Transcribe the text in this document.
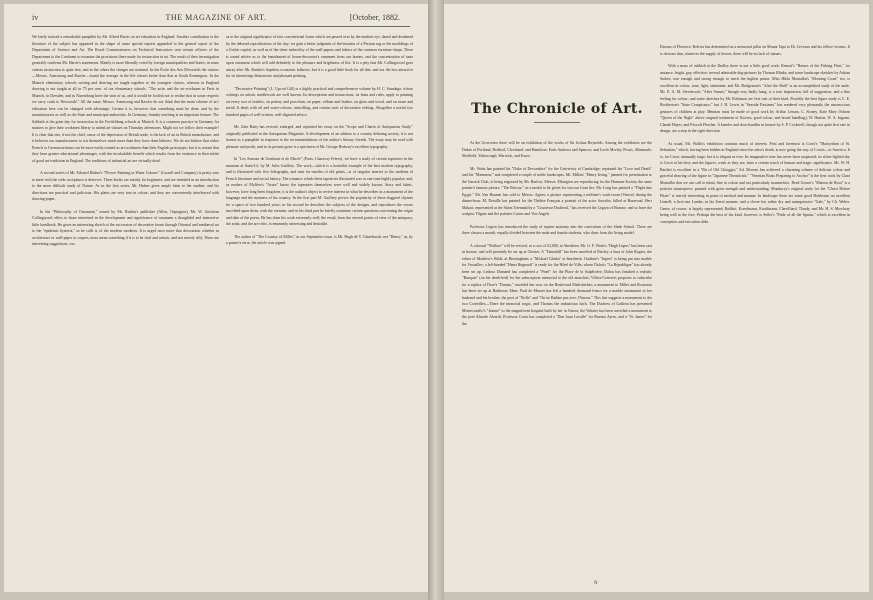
iv	THE MAGAZINE OF ART.	[October, 1882.

We lately noticed a remarkable pamphlet by Mr. Alfred Harris on art-education in England. Another contribution to the literature of the subject has appeared in the shape of some special reports appended to the general report of the Department of Science and Art. The Royal Commissioners on Technical Instruction sent certain officers of the Department to the Continent to examine the provisions there made for instruction in art. The result of their investigation generally confirms Mr. Harris's statements. Mainly is more liberally voted by foreign municipalities and States; in some centres instruction is quite free, and in the others the charges are nominal. In the École des Arts Décoratifs the visitors—Messrs. Armstrong and Rawler—found the average in the life classes better than that at South Kensington. In the Munich elementary schools writing and drawing are taught together to the youngest classes, whereas in England drawing is not taught at all in 75 per cent. of our elementary schools. "The artist and the art-workman in Paris in Munich, in Dresden, and in Nuremburg have the start of us, and it would be foolish not to realise that in some respects we carry coals to Newcastle." All the same, Messrs. Armstrong and Rawler do not think that the main scheme of art-education here can be changed with advantage. Certain it is, however, that something must be done, and by the manufacturers as well as the State and municipal authorities. In Germany, Sunday teaching is an important feature. The Sabbath is the great day for instruction in the Fortbildung schools at Munich. It is a common practice in Germany for masters to give their workmen liberty to attend art-classes on Thursday afternoons. Might not we follow their example? It is clear that one, if not the chief, cause of the depression of British trade, is the lack of art in British manufacture; and it behoves our manufacturers to stir themselves much more than they have done hitherto. We do not believe that either French or German artisans can be more easily trained as art-workmen than their English prototypes; but it is certain that they have greater educational advantages, with the incalculable benefit which results from the existence in their midst of good art-traditions in England. The traditions of industrial art are virtually dead.

A second series of Mr. Edward Hulme's "Flower Painting in Water Colours" (Cassell and Company) is pretty sure to meet with the wide acceptance it deserves. These books are mainly for beginners, and are intended as an introduction to the more difficult study of Nature. As in the first series, Mr. Hulme gives ample hints to the student; and his directions are practical and judicious. His plates are very true in colour; and they are conveniently interleaved with drawing-paper.

In the "Philosophy of Ornament," issued by Mr. Ruskin's publisher (Allen, Orpington), Mr. W. Gershom Collingwood offers to those interested in the development and significance of ornament a thoughtful and instructive little handbook. He gives an interesting sketch of the succession of decorative forms through Oriental and mediæval art to the "epidemic hysteria," as he calls it, of the modern moderns. It is urged once more that decoration, whether in architecture or wall-paper or carpets, must mean something if it is to be vital and artistic, and not merely silly. There are interesting suggestions, too,

as to the original significance of trite conventional forms which are passed over by the modern eye, dazed and deadened by the debased reproductions of the day; we gain a better judgment of the beauties of a Persian rug or the mouldings of a Gothic capital, as well as of the sheer imbecility of the wall-papers and fabrics of the common furniture-shops. There is sound advice as to the banishment of house-decorator's ornament from our homes, and the concentration of taste upon ornament which will add definitely to the pleasure and brightness of life. It is a pity that Mr. Collingwood goes astray after Mr. Ruskin's hopeless economic fallacies; but it is a good little book for all that, and not the less attractive for its interesting illustrations and pleasant printing.

"Decorative Painting" (L. Upcott Gill) is a highly practical and comprehensive volume by H. C. Standage, whose writings on artistic needlework are well known. Its descriptions and instructions, its hints and rules, apply to painting on every sort of textiles, on pottery and porcelain, on paper, vellum and leather, on glass and wood, and on stone and metal. It deals with oil and water-colours, stencilling, and certain sorts of decorative etching. Altogether a useful two hundred pages of well-written, well-digested advice.

Mr. John Batty has revised, enlarged, and reprinted his essay on the "Scope and Charm of Antiquarian Study," originally published in the Antiquarian Magazine. A development of an address to a country debating society, it is not honest as a pamphlet in response to the recommendations of the author's literary friends. The essay may be read with pleasure and profit, and in its present guise is a specimen of Mr. George Redway's excellent typography.

In "Les Amours de Gombaut et de Macée" (Paris: Charavay Frères), we have a study of certain tapestries in the museum at Saint-Lô, by M. Jules Guiffrey. The work—which is a beautiful example of the best modern typography, and is illustrated with five lithographs, and nine fac-similes of old prints—is of singular interest to the students of French literature and social history. The romance which these tapestries illustrated was at one time highly popular; and, as readers of Molière's "Avare" know, the tapestries themselves were well and widely known. Story and fabric, however, have long been forgotten; it is the author's object to revive interest in what he describes as a monument of the language and the manners of his country. In the first part M. Guiffrey proves the popularity of these doggerel rhymes for a space of two hundred years; in his second he describes the subjects of the designs, and reproduces the verses inscribed upon them, with the variants; and in his third part he briefly examines certain questions concerning the origin and date of the poem. He has done his work extremely well; the result, from the several points of view of the antiquary, the artist, and the art-critic, is eminently interesting and desirable.

The author of "The Country of Millet," in our September issue, is Mr. Hugh de T. Glazebrook; not "Henry," as, by a printer's error, the article was signed.

The Chronicle of Art.

At the Grosvenor there will be an exhibition of the works of Sir Joshua Reynolds. Among the exhibitors are the Dukes of Portland, Bedford, Cleveland, and Hamilton; Earls Amherst and Spencer; and Lords Morley, Powis, Albemarle, Sheffield, Yarborough, Warwick, and Essex.

Mr. Watts has painted his "Duke of Devonshire" for the University of Cambridge; repainted his "Love and Death" and his "Mammon;" and completed a couple of noble landscapes. Mr. Millais' "Henry Irving," painted for presentation to the Garrick Club, is being engraved by Mr. Barlow; Messrs. Elkington are reproducing for the Humane Society the same painter's famous picture, "The Rescue," as a medal to be given for succour from fire. Mr. Long has painted a "Flight into Egypt." Mr. Van Haanen has sold to Messrs. Agnew a picture representing a milliner's work-room (Venice) during the dinner-hour. M. Detaille has painted for the Théâtre Français a portrait of the actor Sarcelin, killed at Bazeroud. Herr Makart, represented at the Salon Triennial by a "Courtesse Dachieul," has received the Legion of Honour; and so have the sculptor Tilguer and the painters Carrus and Von Angeli.

Professor Legros has introduced the study of equine anatomy into the curriculum of the Slade School. There are three classes a month, equally divided between the male and female students, who draw from the living model.

A colossal "Wallace" will be erected, at a cost of £3,000, at Aberdeen. Mr. G. F. Watts's "Hugh Lupus" has been cast in bronze, and will presently be set up at Chester. A "Tannahill" has been unveiled at Paisley; a bust of John Rogers, the editor of Matthew's Bible, at Birmingham; a "Michael Glinka" at Smolensk. Oudinot's "Ingres" is being put into marble for Versailles; a left-handed "Henri Regnault" is ready for the Hôtel de Ville, where Dalou's "La République" has already been set up. Ledoux Dumand has completed a "Pinel" for the Place de la Salpêtrière; Dalou has finished a realistic "Banquet" (on his death-bed) for the subscription memorial to the old anarchist; Villers-Cotterets proposes to subscribe for a replica of Dore's "Dumas," unveiled but now on the Boulevard Malesherbes; a monument to Millet and Rousseau has been set up at Barbizon; Mme. Paul de Musset has left a hundred thousand francs for a marble monument to her husband and his brother, the poet of "Rolla" and "On ne Badine pas avec l'Amour." This last suggests a monument to the two Corneilles—There the immortal tragic, and Thomas the industrious hack. The Duchess of Galliera has presented Montecavallo's "Jeanne" to the magnificent hospital built by her in Genoa; the Voltaire has been unveiled a monument to the poet Alearde Aleardi; Professor Costa has completed a "Don Juan Lavalle" for Buenos Ayres, and a "St. James" for the

Duomo of Florence; Bolivia has determined on a memorial pillar on Mount Tapa to Dr. Crevaux and his fellow-victims. It is obvious that, whatever the supply of heroes, there will be no lack of statues.

With a mass of rubbish at the Dudley there is not a little good work. Renouf's "Return of the Fishing Fleet," for instance, bright, gay, effective; several admirable dog-pictures by Thomas Blinks; and some landscape sketches by Adrian Stokes, true enough and strong enough to merit the highest praise. Miss Hilda Montalba's "Morning Coast" too, is excellent in colour, tone, light, sentiment; and Mr. Bridgeman's "After the Bath" is an accomplished study of the nude. Mr. E. A. M. Stevenson's "After Sunset," though very badly hung, is a true impression, full of suggestion, and a fine feeling for colour; and some sketches by Mr. Robinson are first rate of their kind. Possibly the best figure study is C. E. Brotherton's "State Conspirator;" but J. H. Lewis in "Seaside Pastimes" has rendered very pleasantly the unconscious gestures of children at play. Mention must be made of good work by Arthur Lemon, C. Stoney, Kate Mary Osborn "Queen of the Night" above original treatment of flowers, good colour, and broad handling), W. Hutton, W. A. Ingram, Claude Hayes, and Fitcroft Fletcher. A kneeler and door-handles in bronze by S. P. Cockerell, though not quite first rate in design, are a step in the right direction.

As usual, Mr. Wallis's exhibition contains much of interest. First and foremost is Corot's "Martyrdom of St. Sebastian," which, having been hidden in England since the artist's death, is now going the way of Corots—to America. It is, for Corot, unusually large; but it is elegant as ever. Its imaginative tone has never been surpassed; its silver-lighted sky is Corot at his best; and the figures, weak as they are, have a certain touch of human and tragic significance. Mr. W. H. Bartlett is excellent in a "Bit of Old Chioggia;" Ad. Moreau has achieved a charming scheme of delicate colour and graceful drawing of the figure in "Japanese Theatricals;" "Venetian Boats Preparing to Anchor" is the best work by Clara Montalba that we can call to mind, fine in colour and not particularly mannerístic. René Gosset's "Maison de Rosa" is a positive masterpiece, painted with great strength and understanding. Munkacsy's original study for the "Christ Before Pilate" is merely interesting in point of method and manner. In landscape there are some good Hobbema; an excellent Linnell; a first-rate Lander, in his literal manner; and a clever but rather dry and unimpressive "Gale," by Ch. Weber. Genre, of course, is largely represented; Boldini, Koerdmann, Kauffmann, Chevilliard, Tlaudy, and Mr. H. S. Mowbray being well to the fore. Perhaps the best of the kind, however, is Seiler's "Pride of all the Spains," which is excellent in conception and execution alike.

N
